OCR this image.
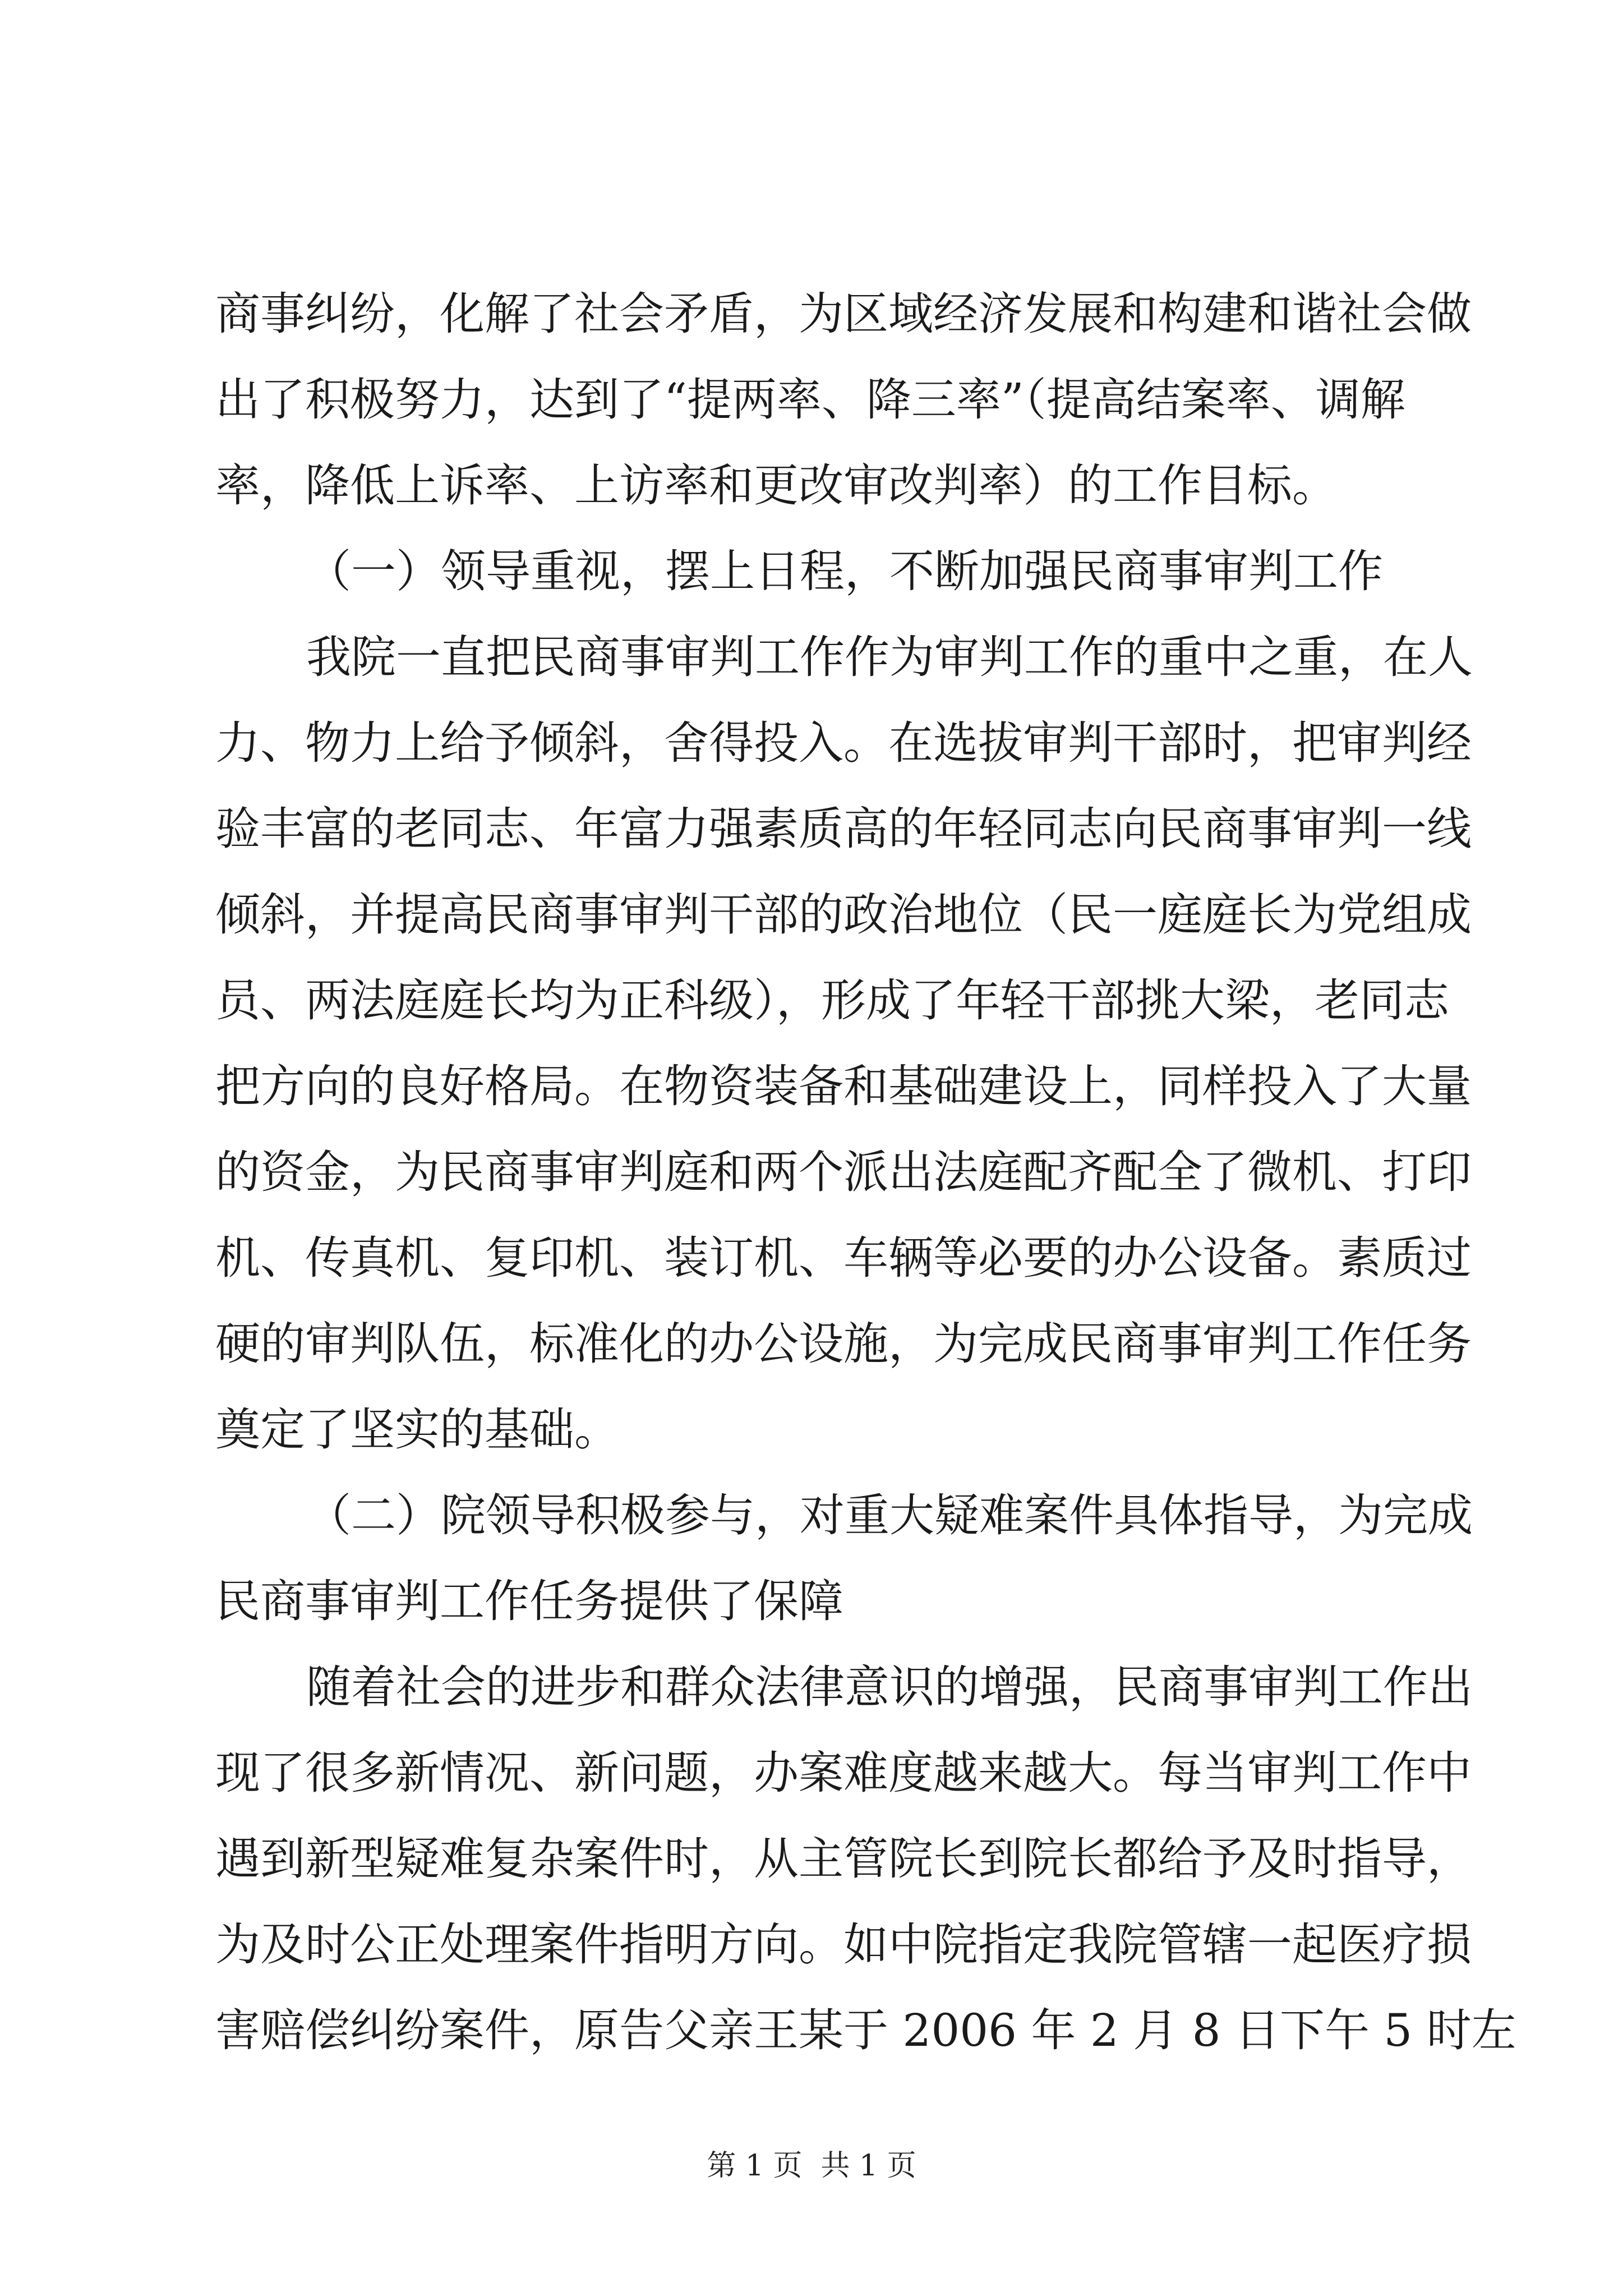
商事纠纷，化解了社会矛盾，为区域经济发展和构建和谐社会做
出了积极努力，达到了“提两率、降三率”（提高结案率、调解
率，降低上诉率、上访率和更改审改判率）的工作目标。
（一）领导重视，摆上日程，不断加强民商事审判工作
我院一直把民商事审判工作作为审判工作的重中之重，在人
力、物力上给予倾斜，舍得投入。在选拔审判干部时，把审判经
验丰富的老同志、年富力强素质高的年轻同志向民商事审判一线
倾斜，并提高民商事审判干部的政治地位（民一庭庭长为党组成
员、两法庭庭长均为正科级），形成了年轻干部挑大梁，老同志
把方向的良好格局。在物资装备和基础建设上，同样投入了大量
的资金，为民商事审判庭和两个派出法庭配齐配全了微机、打印
机、传真机、复印机、装订机、车辆等必要的办公设备。素质过
硬的审判队伍，标准化的办公设施，为完成民商事审判工作任务
奠定了坚实的基础。
（二）院领导积极参与，对重大疑难案件具体指导，为完成
民商事审判工作任务提供了保障
随着社会的进步和群众法律意识的增强，民商事审判工作出
现了很多新情况、新问题，办案难度越来越大。每当审判工作中
遇到新型疑难复杂案件时，从主管院长到院长都给予及时指导，
为及时公正处理案件指明方向。如中院指定我院管辖一起医疗损
害赔偿纠纷案件，原告父亲王某于 2006 年 2 月 8 日下午 5 时左
第 1 页  共 1 页
